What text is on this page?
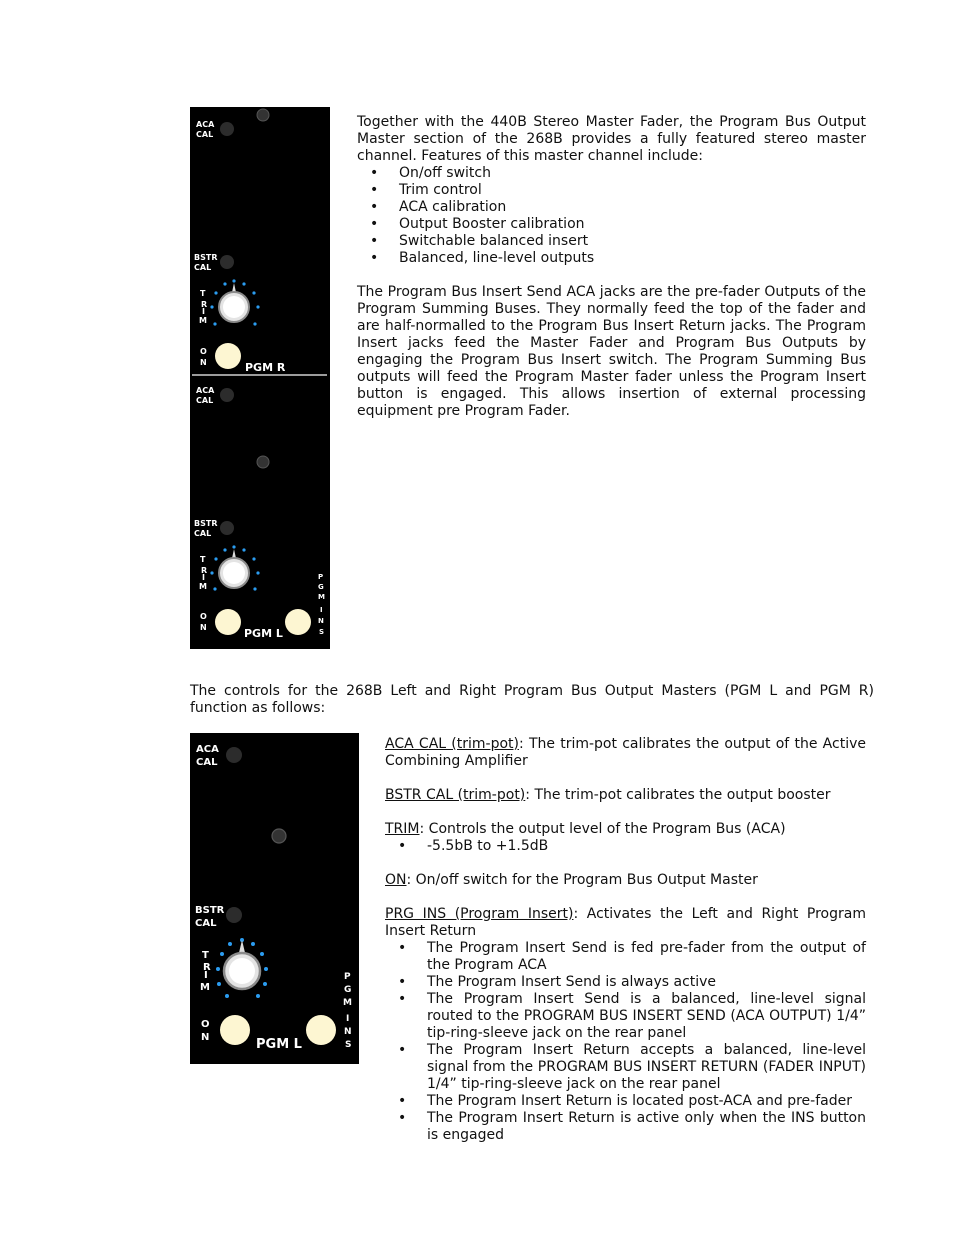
ACA
CAL
BSTR
CAL
T
R
I
M
O
N	PGM R
ACA
CAL
BSTR
CAL
T
R
I
M
P
G
M
I
N
S
O
N	PGM L

Together with the 440B Stereo Master Fader, the Program Bus Output Master section of the 268B provides a fully featured stereo master channel. Features of this master channel include:

• On/off switch
• Trim control
• ACA calibration
• Output Booster calibration
• Switchable balanced insert
• Balanced, line-level outputs

The Program Bus Insert Send ACA jacks are the pre-fader Outputs of the Program Summing Buses. They normally feed the top of the fader and are half-normalled to the Program Bus Insert Return jacks. The Program Insert jacks feed the Master Fader and Program Bus Outputs by engaging the Program Bus Insert switch. The Program Summing Bus outputs will feed the Program Master fader unless the Program Insert button is engaged. This allows insertion of external processing equipment pre Program Fader.

The controls for the 268B Left and Right Program Bus Output Masters (PGM L and PGM R) function as follows:

ACA
CAL
BSTR
CAL
T
R
I
M
P
G
M
I
N
S
O
N	PGM L

ACA CAL (trim-pot): The trim-pot calibrates the output of the Active Combining Amplifier

BSTR CAL (trim-pot): The trim-pot calibrates the output booster

TRIM: Controls the output level of the Program Bus (ACA)

• -5.5bB to +1.5dB

ON: On/off switch for the Program Bus Output Master

PRG INS (Program Insert): Activates the Left and Right Program Insert Return

• The Program Insert Send is fed pre-fader from the output of the Program ACA
• The Program Insert Send is always active
• The Program Insert Send is a balanced, line-level signal routed to the PROGRAM BUS INSERT SEND (ACA OUTPUT) 1/4” tip-ring-sleeve jack on the rear panel
• The Program Insert Return accepts a balanced, line-level signal from the PROGRAM BUS INSERT RETURN (FADER INPUT) 1/4” tip-ring-sleeve jack on the rear panel
• The Program Insert Return is located post-ACA and pre-fader
• The Program Insert Return is active only when the INS button is engaged
